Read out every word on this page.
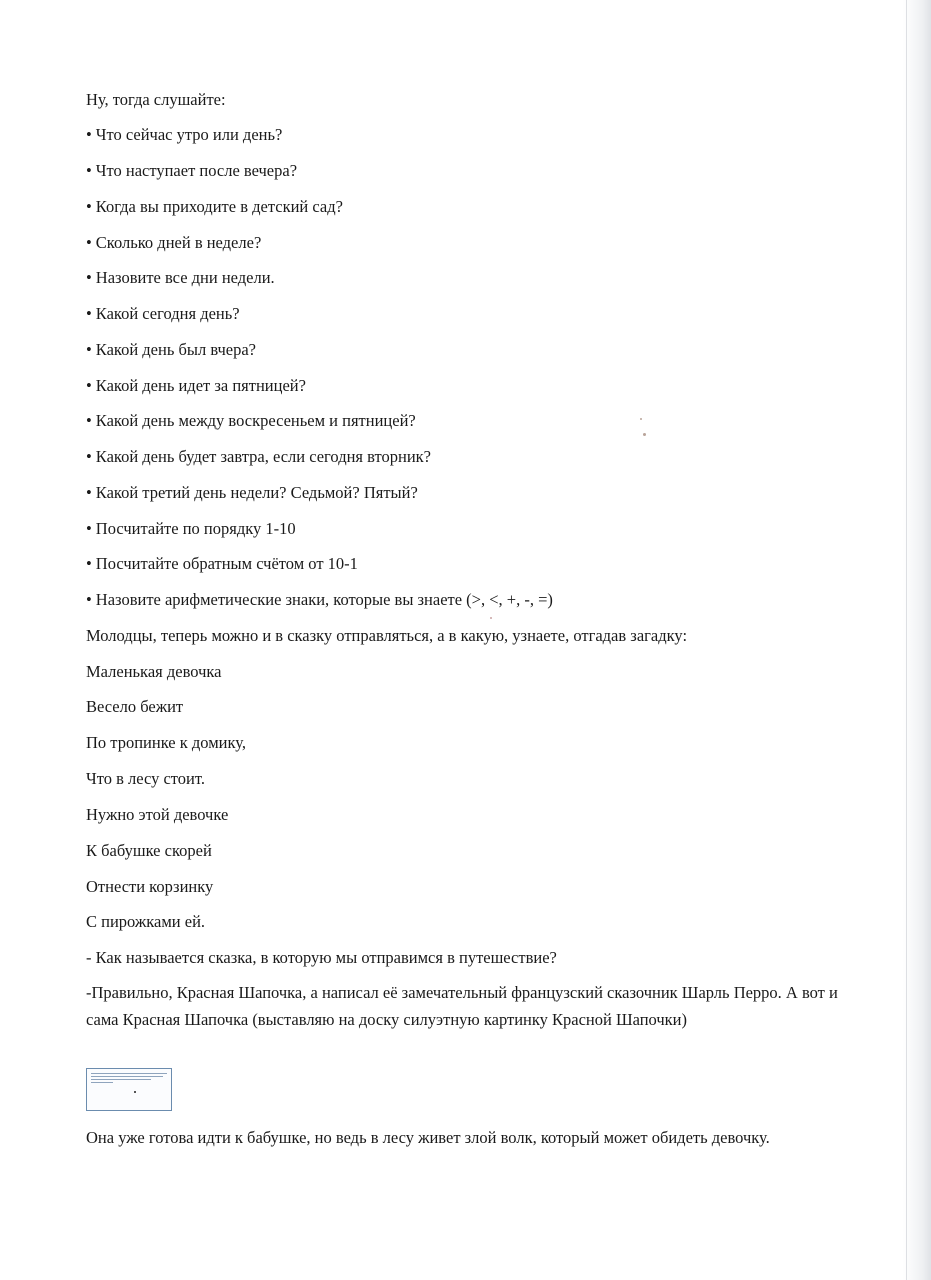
Ну, тогда слушайте:
• Что сейчас утро или день?
• Что наступает после вечера?
• Когда вы приходите в детский сад?
• Сколько дней в неделе?
• Назовите все дни недели.
• Какой сегодня день?
• Какой день был вчера?
• Какой день идет за пятницей?
• Какой день между воскресеньем и пятницей?
• Какой день будет завтра, если сегодня вторник?
• Какой третий день недели? Седьмой? Пятый?
• Посчитайте по порядку 1-10
• Посчитайте обратным счётом от 10-1
• Назовите арифметические знаки, которые вы знаете (>, <, +, -, =)
Молодцы, теперь можно и в сказку отправляться, а в какую, узнаете, отгадав загадку:
Маленькая девочка
Весело бежит
По тропинке к домику,
Что в лесу стоит.
Нужно этой девочке
К бабушке скорей
Отнести корзинку
С пирожками ей.
- Как называется сказка, в которую мы отправимся в путешествие?
-Правильно, Красная Шапочка, а написал её замечательный французский сказочник Шарль Перро. А вот и сама Красная Шапочка (выставляю на доску силуэтную картинку Красной Шапочки)
Она уже готова идти к бабушке, но ведь в лесу живет злой волк, который может обидеть девочку.
